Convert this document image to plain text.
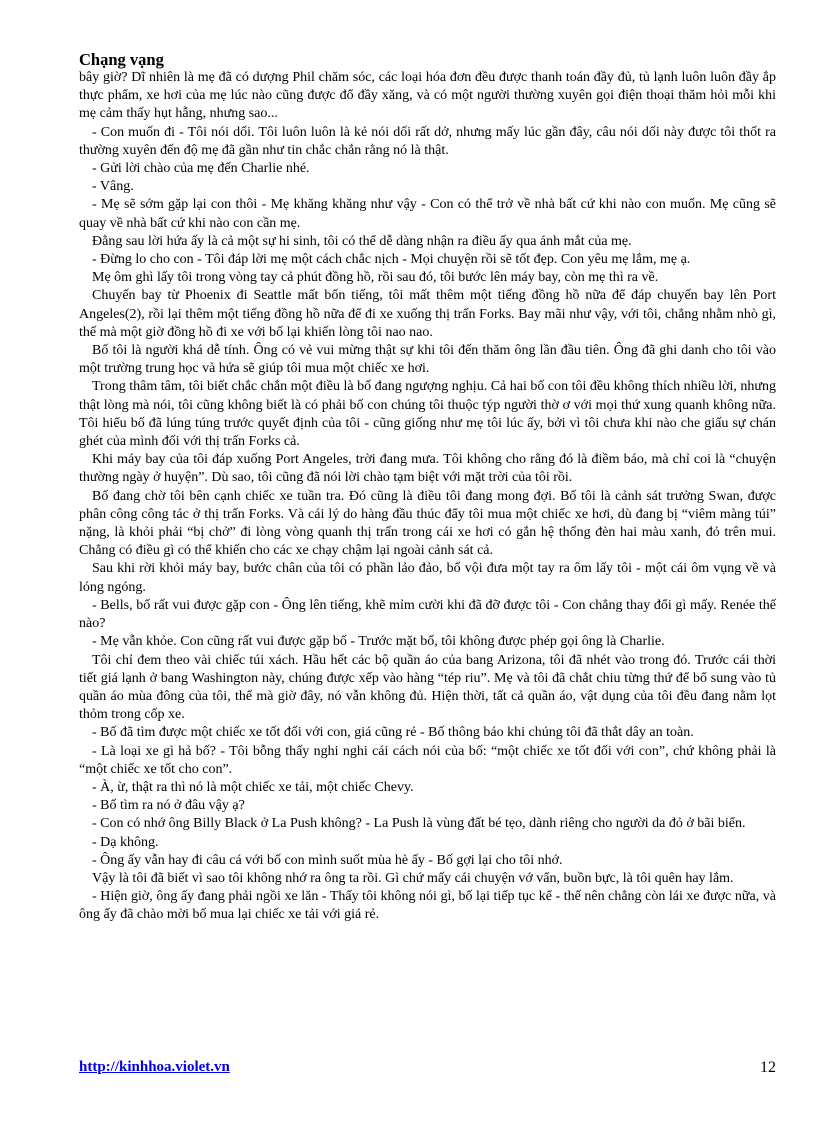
Chạng vạng

bây giờ? Dĩ nhiên là mẹ đã có dượng Phil chăm sóc, các loại hóa đơn đều được thanh toán đầy đủ, tủ lạnh luôn luôn đầy ắp thực phẩm, xe hơi của mẹ lúc nào cũng được đổ đầy xăng, và có một người thường xuyên gọi điện thoại thăm hỏi mỗi khi mẹ cảm thấy hụt hẫng, nhưng sao...

- Con muốn đi - Tôi nói dối. Tôi luôn luôn là kẻ nói dối rất dở, nhưng mấy lúc gần đây, câu nói dối này được tôi thốt ra thường xuyên đến độ mẹ đã gần như tin chắc chắn rằng nó là thật.

- Gửi lời chào của mẹ đến Charlie nhé.

- Vâng.

- Mẹ sẽ sớm gặp lại con thôi - Mẹ khăng khăng như vậy - Con có thể trở về nhà bất cứ khi nào con muốn. Mẹ cũng sẽ quay về nhà bất cứ khi nào con cần mẹ.

Đằng sau lời hứa ấy là cả một sự hi sinh, tôi có thể dễ dàng nhận ra điều ấy qua ánh mắt của mẹ.

- Đừng lo cho con - Tôi đáp lời mẹ một cách chắc nịch - Mọi chuyện rồi sẽ tốt đẹp. Con yêu mẹ lắm, mẹ ạ.

Mẹ ôm ghì lấy tôi trong vòng tay cả phút đồng hồ, rồi sau đó, tôi bước lên máy bay, còn mẹ thì ra về.

Chuyến bay từ Phoenix đi Seattle mất bốn tiếng, tôi mất thêm một tiếng đồng hồ nữa để đáp chuyến bay lên Port Angeles(2), rồi lại thêm một tiếng đồng hồ nữa để đi xe xuống thị trấn Forks. Bay mãi như vậy, với tôi, chẳng nhằm nhò gì, thế mà một giờ đồng hồ đi xe với bố lại khiến lòng tôi nao nao.

Bố tôi là người khá dễ tính. Ông có vẻ vui mừng thật sự khi tôi đến thăm ông lần đầu tiên. Ông đã ghi danh cho tôi vào một trường trung học và hứa sẽ giúp tôi mua một chiếc xe hơi.

Trong thâm tâm, tôi biết chắc chắn một điều là bố đang ngượng nghịu. Cả hai bố con tôi đều không thích nhiều lời, nhưng thật lòng mà nói, tôi cũng không biết là có phải bố con chúng tôi thuộc týp người thờ ơ với mọi thứ xung quanh không nữa. Tôi hiểu bố đã lúng túng trước quyết định của tôi - cũng giống như mẹ tôi lúc ấy, bởi vì tôi chưa khi nào che giấu sự chán ghét của mình đối với thị trấn Forks cả.

Khi máy bay của tôi đáp xuống Port Angeles, trời đang mưa. Tôi không cho rằng đó là điềm báo, mà chỉ coi là “chuyện thường ngày ở huyện”. Dù sao, tôi cũng đã nói lời chào tạm biệt với mặt trời của tôi rồi.

Bố đang chờ tôi bên cạnh chiếc xe tuần tra. Đó cũng là điều tôi đang mong đợi. Bố tôi là cảnh sát trưởng Swan, được phân công công tác ở thị trấn Forks. Và cái lý do hàng đầu thúc đẩy tôi mua một chiếc xe hơi, dù đang bị “viêm màng túi” nặng, là khỏi phải “bị chở” đi lòng vòng quanh thị trấn trong cái xe hơi có gắn hệ thống đèn hai màu xanh, đỏ trên mui. Chẳng có điều gì có thể khiến cho các xe chạy chậm lại ngoài cảnh sát cả.

Sau khi rời khỏi máy bay, bước chân của tôi có phần lảo đảo, bố vội đưa một tay ra ôm lấy tôi - một cái ôm vụng về và lóng ngóng.

- Bells, bố rất vui được gặp con - Ông lên tiếng, khẽ mỉm cười khi đã đỡ được tôi - Con chẳng thay đổi gì mấy. Renée thế nào?

- Mẹ vẫn khỏe. Con cũng rất vui được gặp bố - Trước mặt bố, tôi không được phép gọi ông là Charlie.

Tôi chỉ đem theo vài chiếc túi xách. Hầu hết các bộ quần áo của bang Arizona, tôi đã nhét vào trong đó. Trước cái thời tiết giá lạnh ở bang Washington này, chúng được xếp vào hàng “tép riu”. Mẹ và tôi đã chắt chiu từng thứ để bổ sung vào tủ quần áo mùa đông của tôi, thế mà giờ đây, nó vẫn không đủ. Hiện thời, tất cả quần áo, vật dụng của tôi đều đang nằm lọt thỏm trong cốp xe.

- Bố đã tìm được một chiếc xe tốt đối với con, giá cũng rẻ - Bố thông báo khi chúng tôi đã thắt dây an toàn.

- Là loại xe gì hả bố? - Tôi bỗng thấy nghi nghi cái cách nói của bố: “một chiếc xe tốt đối với con”, chứ không phải là “một chiếc xe tốt cho con”.

- À, ừ, thật ra thì nó là một chiếc xe tải, một chiếc Chevy.

- Bố tìm ra nó ở đâu vậy ạ?

- Con có nhớ ông Billy Black ở La Push không? - La Push là vùng đất bé tẹo, dành riêng cho người da đỏ ở bãi biển.

- Dạ không.

- Ông ấy vẫn hay đi câu cá với bố con mình suốt mùa hè ấy - Bố gợi lại cho tôi nhớ.

Vậy là tôi đã biết vì sao tôi không nhớ ra ông ta rồi. Gì chứ mấy cái chuyện vớ vẩn, buồn bực, là tôi quên hay lắm.

- Hiện giờ, ông ấy đang phải ngồi xe lăn - Thấy tôi không nói gì, bố lại tiếp tục kể - thế nên chẳng còn lái xe được nữa, và ông ấy đã chào mời bố mua lại chiếc xe tải với giá rẻ.

http://kinhhoa.violet.vn	12
